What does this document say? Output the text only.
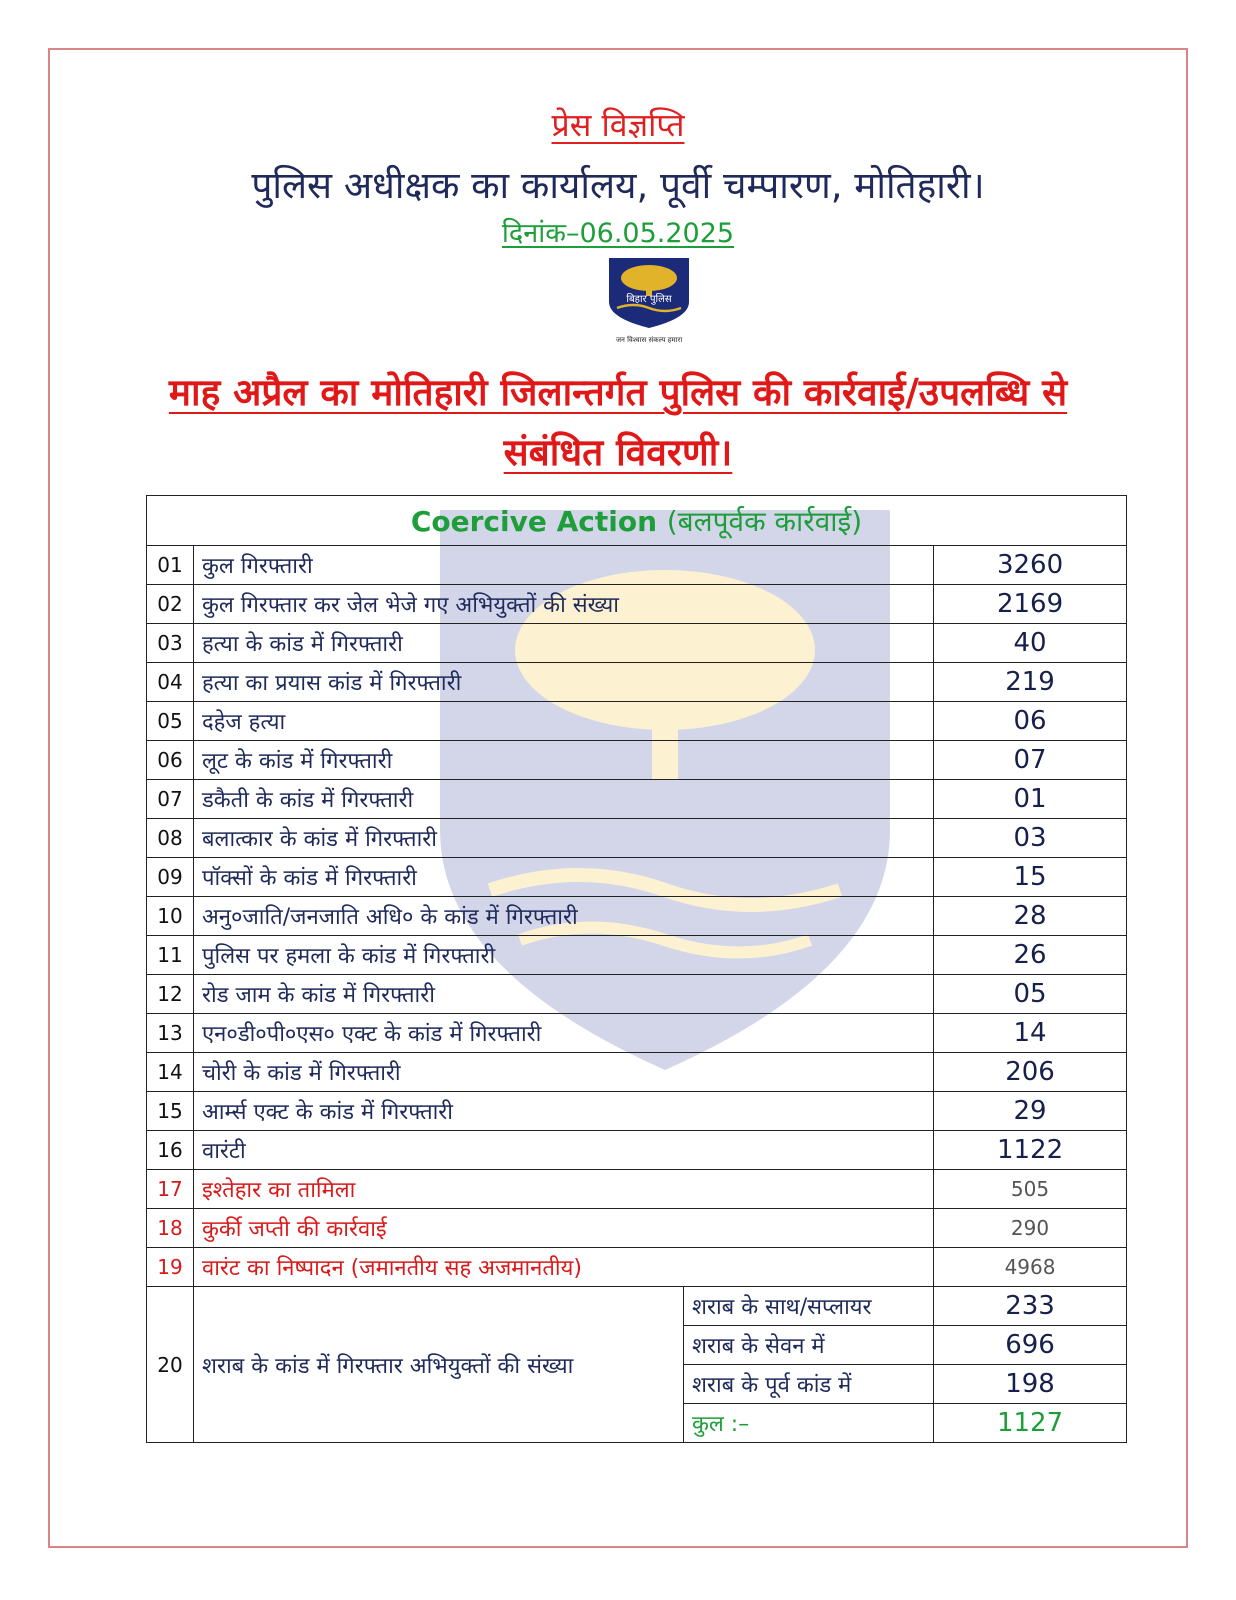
प्रेस विज्ञप्ति
पुलिस अधीक्षक का कार्यालय, पूर्वी चम्पारण, मोतिहारी।
दिनांक–06.05.2025
बिहार पुलिस
जन विश्वास संकल्प हमारा
माह अप्रैल का मोतिहारी जिलान्तर्गत पुलिस की कार्रवाई/उपलब्धि से
संबंधित विवरणी।
Coercive Action (बलपूर्वक कार्रवाई)			
01	कुल गिरफ्तारी		3260
02	कुल गिरफ्तार कर जेल भेजे गए अभियुक्तों की संख्या		2169
03	हत्या के कांड में गिरफ्तारी		40
04	हत्या का प्रयास कांड में गिरफ्तारी		219
05	दहेज हत्या		06
06	लूट के कांड में गिरफ्तारी		07
07	डकैती के कांड में गिरफ्तारी		01
08	बलात्कार के कांड में गिरफ्तारी		03
09	पॉक्सों के कांड में गिरफ्तारी		15
10	अनु०जाति/जनजाति अधि० के कांड में गिरफ्तारी		28
11	पुलिस पर हमला के कांड में गिरफ्तारी		26
12	रोड जाम के कांड में गिरफ्तारी		05
13	एन०डी०पी०एस० एक्ट के कांड में गिरफ्तारी		14
14	चोरी के कांड में गिरफ्तारी		206
15	आर्म्स एक्ट के कांड में गिरफ्तारी		29
16	वारंटी		1122
17	इश्तेहार का तामिला		505
18	कुर्की जप्ती की कार्रवाई		290
19	वारंट का निष्पादन (जमानतीय सह अजमानतीय)		4968
20	शराब के कांड में गिरफ्तार अभियुक्तों की संख्या	शराब के साथ/सप्लायर	233
		शराब के सेवन में	696
		शराब के पूर्व कांड में	198
		कुल :–	1127
